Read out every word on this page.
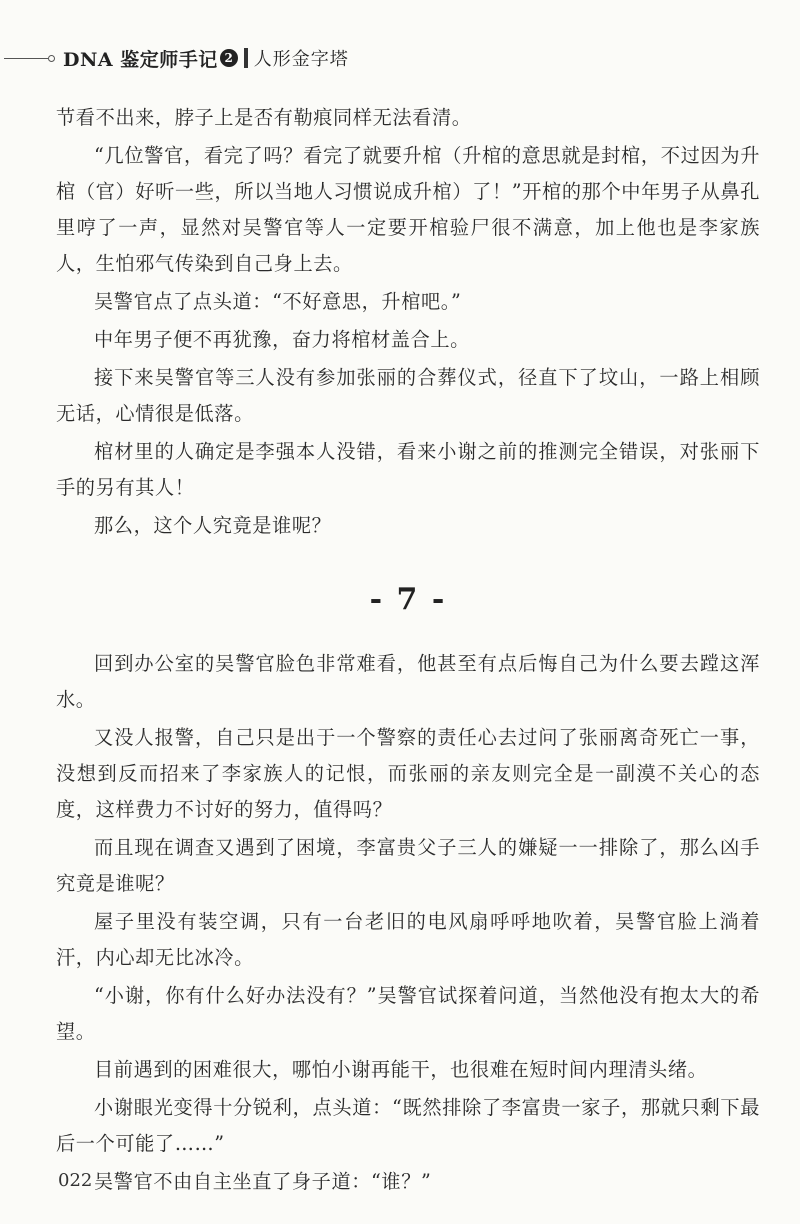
DNA 鉴定师手记 2 人形金字塔

节看不出来，脖子上是否有勒痕同样无法看清。

“几位警官，看完了吗？看完了就要升棺（升棺的意思就是封棺，不过因为升棺（官）好听一些，所以当地人习惯说成升棺）了！”开棺的那个中年男子从鼻孔里哼了一声，显然对吴警官等人一定要开棺验尸很不满意，加上他也是李家族人，生怕邪气传染到自己身上去。

吴警官点了点头道：“不好意思，升棺吧。”

中年男子便不再犹豫，奋力将棺材盖合上。

接下来吴警官等三人没有参加张丽的合葬仪式，径直下了坟山，一路上相顾无话，心情很是低落。

棺材里的人确定是李强本人没错，看来小谢之前的推测完全错误，对张丽下手的另有其人！

那么，这个人究竟是谁呢？

- 7 -

回到办公室的吴警官脸色非常难看，他甚至有点后悔自己为什么要去蹚这浑水。

又没人报警，自己只是出于一个警察的责任心去过问了张丽离奇死亡一事，没想到反而招来了李家族人的记恨，而张丽的亲友则完全是一副漠不关心的态度，这样费力不讨好的努力，值得吗？

而且现在调查又遇到了困境，李富贵父子三人的嫌疑一一排除了，那么凶手究竟是谁呢？

屋子里没有装空调，只有一台老旧的电风扇呼呼地吹着，吴警官脸上淌着汗，内心却无比冰冷。

“小谢，你有什么好办法没有？”吴警官试探着问道，当然他没有抱太大的希望。

目前遇到的困难很大，哪怕小谢再能干，也很难在短时间内理清头绪。

小谢眼光变得十分锐利，点头道：“既然排除了李富贵一家子，那就只剩下最后一个可能了……”

吴警官不由自主坐直了身子道：“谁？”

022
